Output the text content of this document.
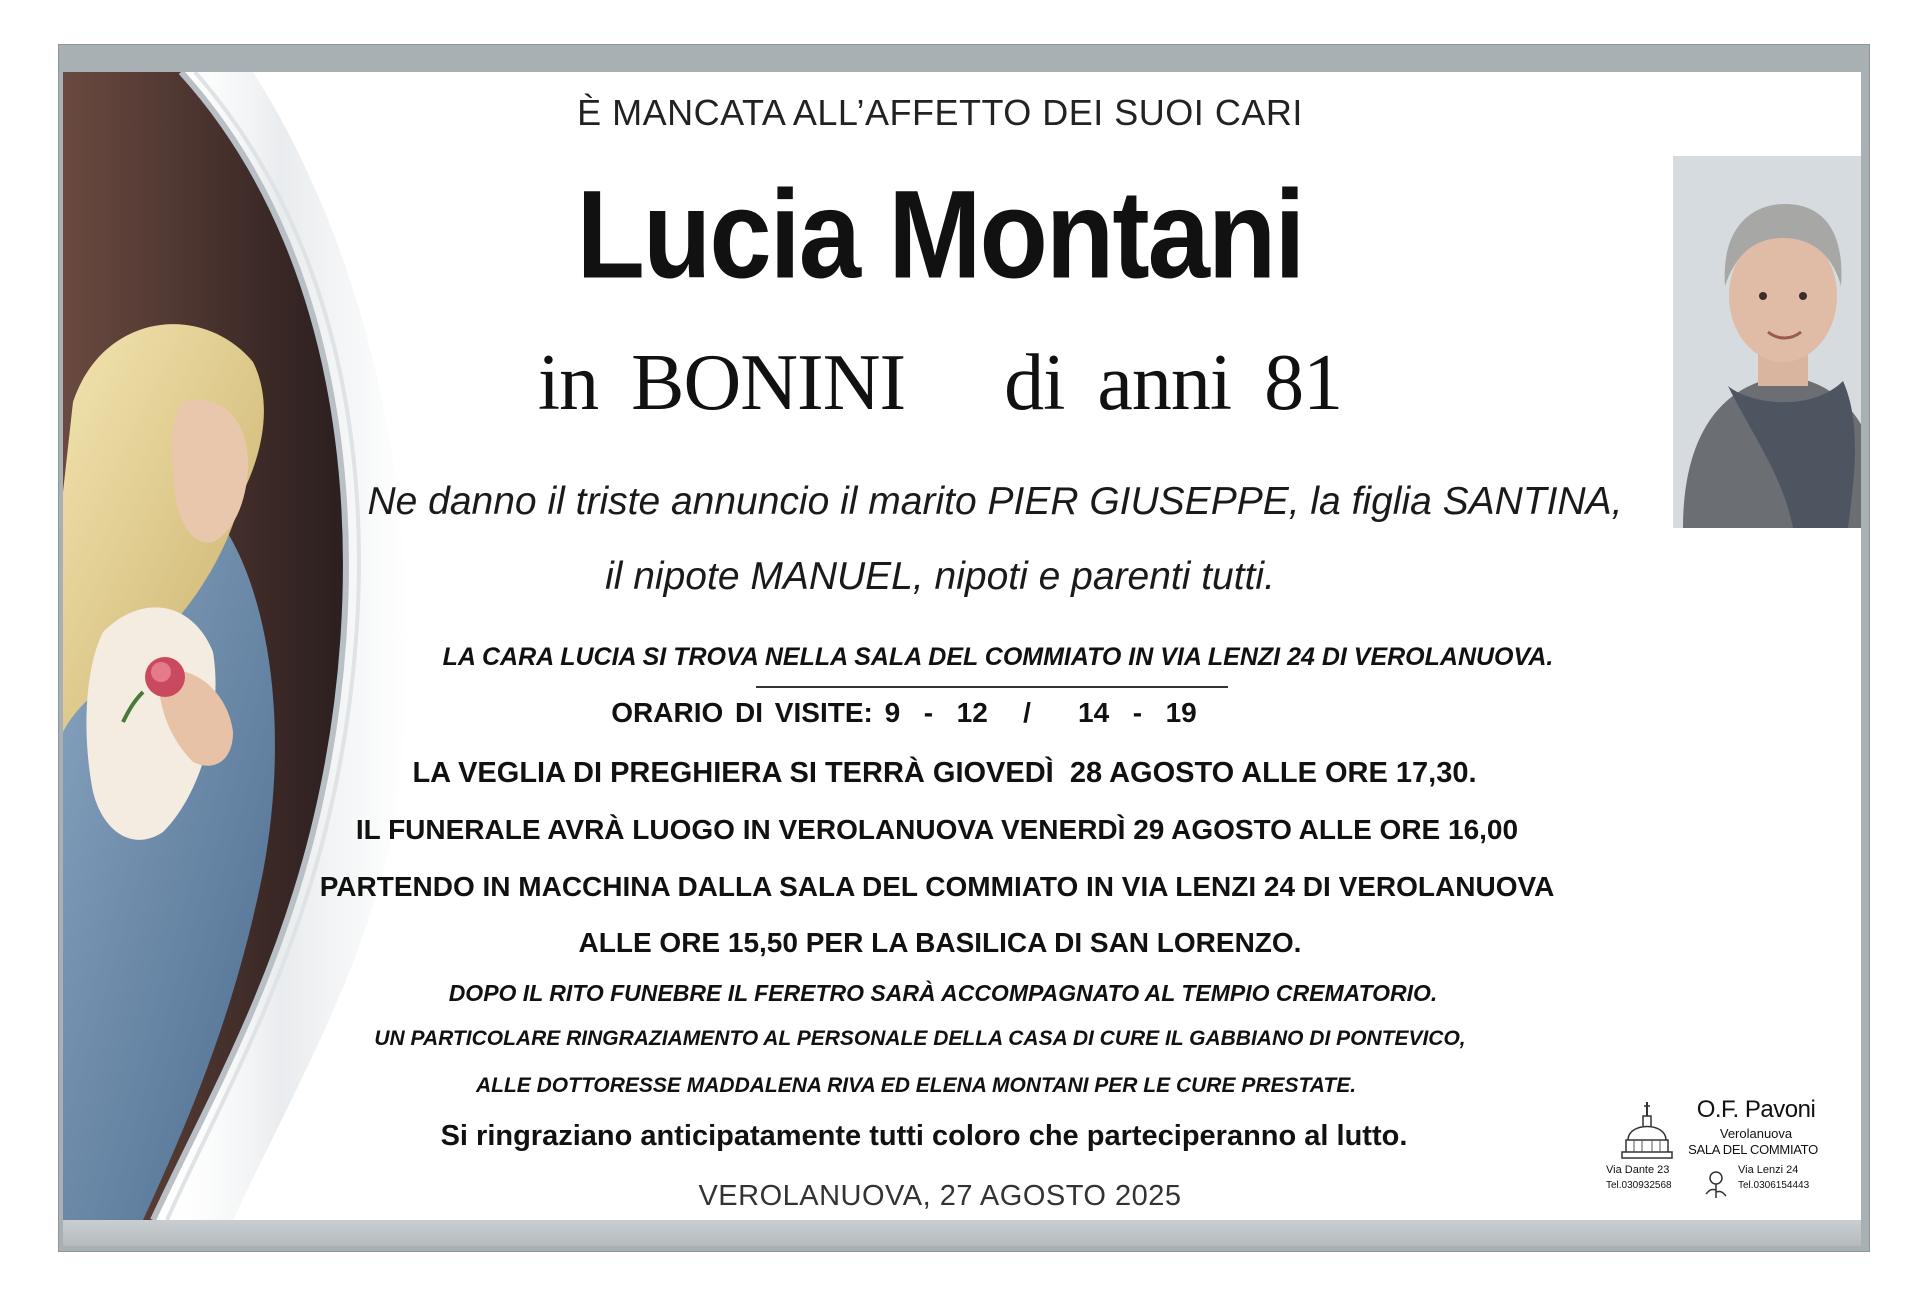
È MANCATA ALL’AFFETTO DEI SUOI CARI
Lucia Montani
in BONINI   di anni 81
Ne danno il triste annuncio il marito PIER GIUSEPPE, la figlia SANTINA,
il nipote MANUEL, nipoti e parenti tutti.
LA CARA LUCIA SI TROVA NELLA SALA DEL COMMIATO IN VIA LENZI 24 DI VEROLANUOVA.
ORARIO DI VISITE: 9  -  12   /    14  -  19
LA VEGLIA DI PREGHIERA SI TERRÀ GIOVEDÌ  28 AGOSTO ALLE ORE 17,30.
IL FUNERALE AVRÀ LUOGO IN VEROLANUOVA VENERDÌ 29 AGOSTO ALLE ORE 16,00
PARTENDO IN MACCHINA DALLA SALA DEL COMMIATO IN VIA LENZI 24 DI VEROLANUOVA
ALLE ORE 15,50 PER LA BASILICA DI SAN LORENZO.
DOPO IL RITO FUNEBRE IL FERETRO SARÀ ACCOMPAGNATO AL TEMPIO CREMATORIO.
UN PARTICOLARE RINGRAZIAMENTO AL PERSONALE DELLA CASA DI CURE IL GABBIANO DI PONTEVICO,
ALLE DOTTORESSE MADDALENA RIVA ED ELENA MONTANI PER LE CURE PRESTATE.
Si ringraziano anticipatamente tutti coloro che parteciperanno al lutto.
VEROLANUOVA, 27 AGOSTO 2025
O.F. Pavoni
Verolanuova
SALA DEL COMMIATO
Via Dante 23
Tel.030932568
Via Lenzi 24
Tel.0306154443
